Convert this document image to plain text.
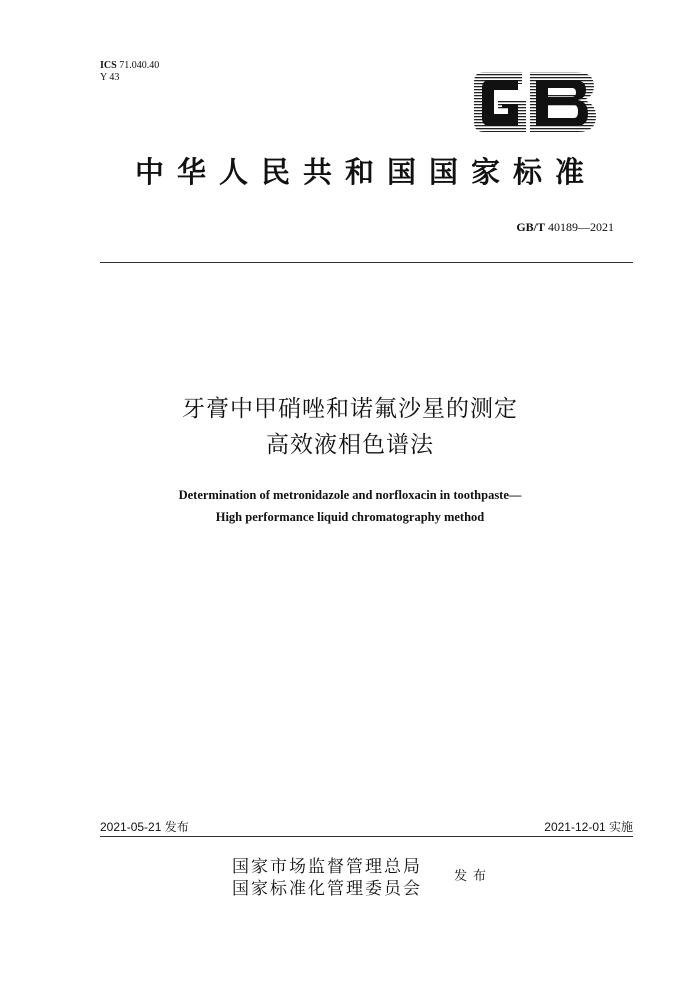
ICS 71.040.40
Y 43
GB
中华人民共和国国家标准
GB/T 40189—2021
牙膏中甲硝唑和诺氟沙星的测定
高效液相色谱法
Determination of metronidazole and norfloxacin in toothpaste—
High performance liquid chromatography method
2021-05-21 发布	2021-12-01 实施
国家市场监督管理总局
国家标准化管理委员会
发布
